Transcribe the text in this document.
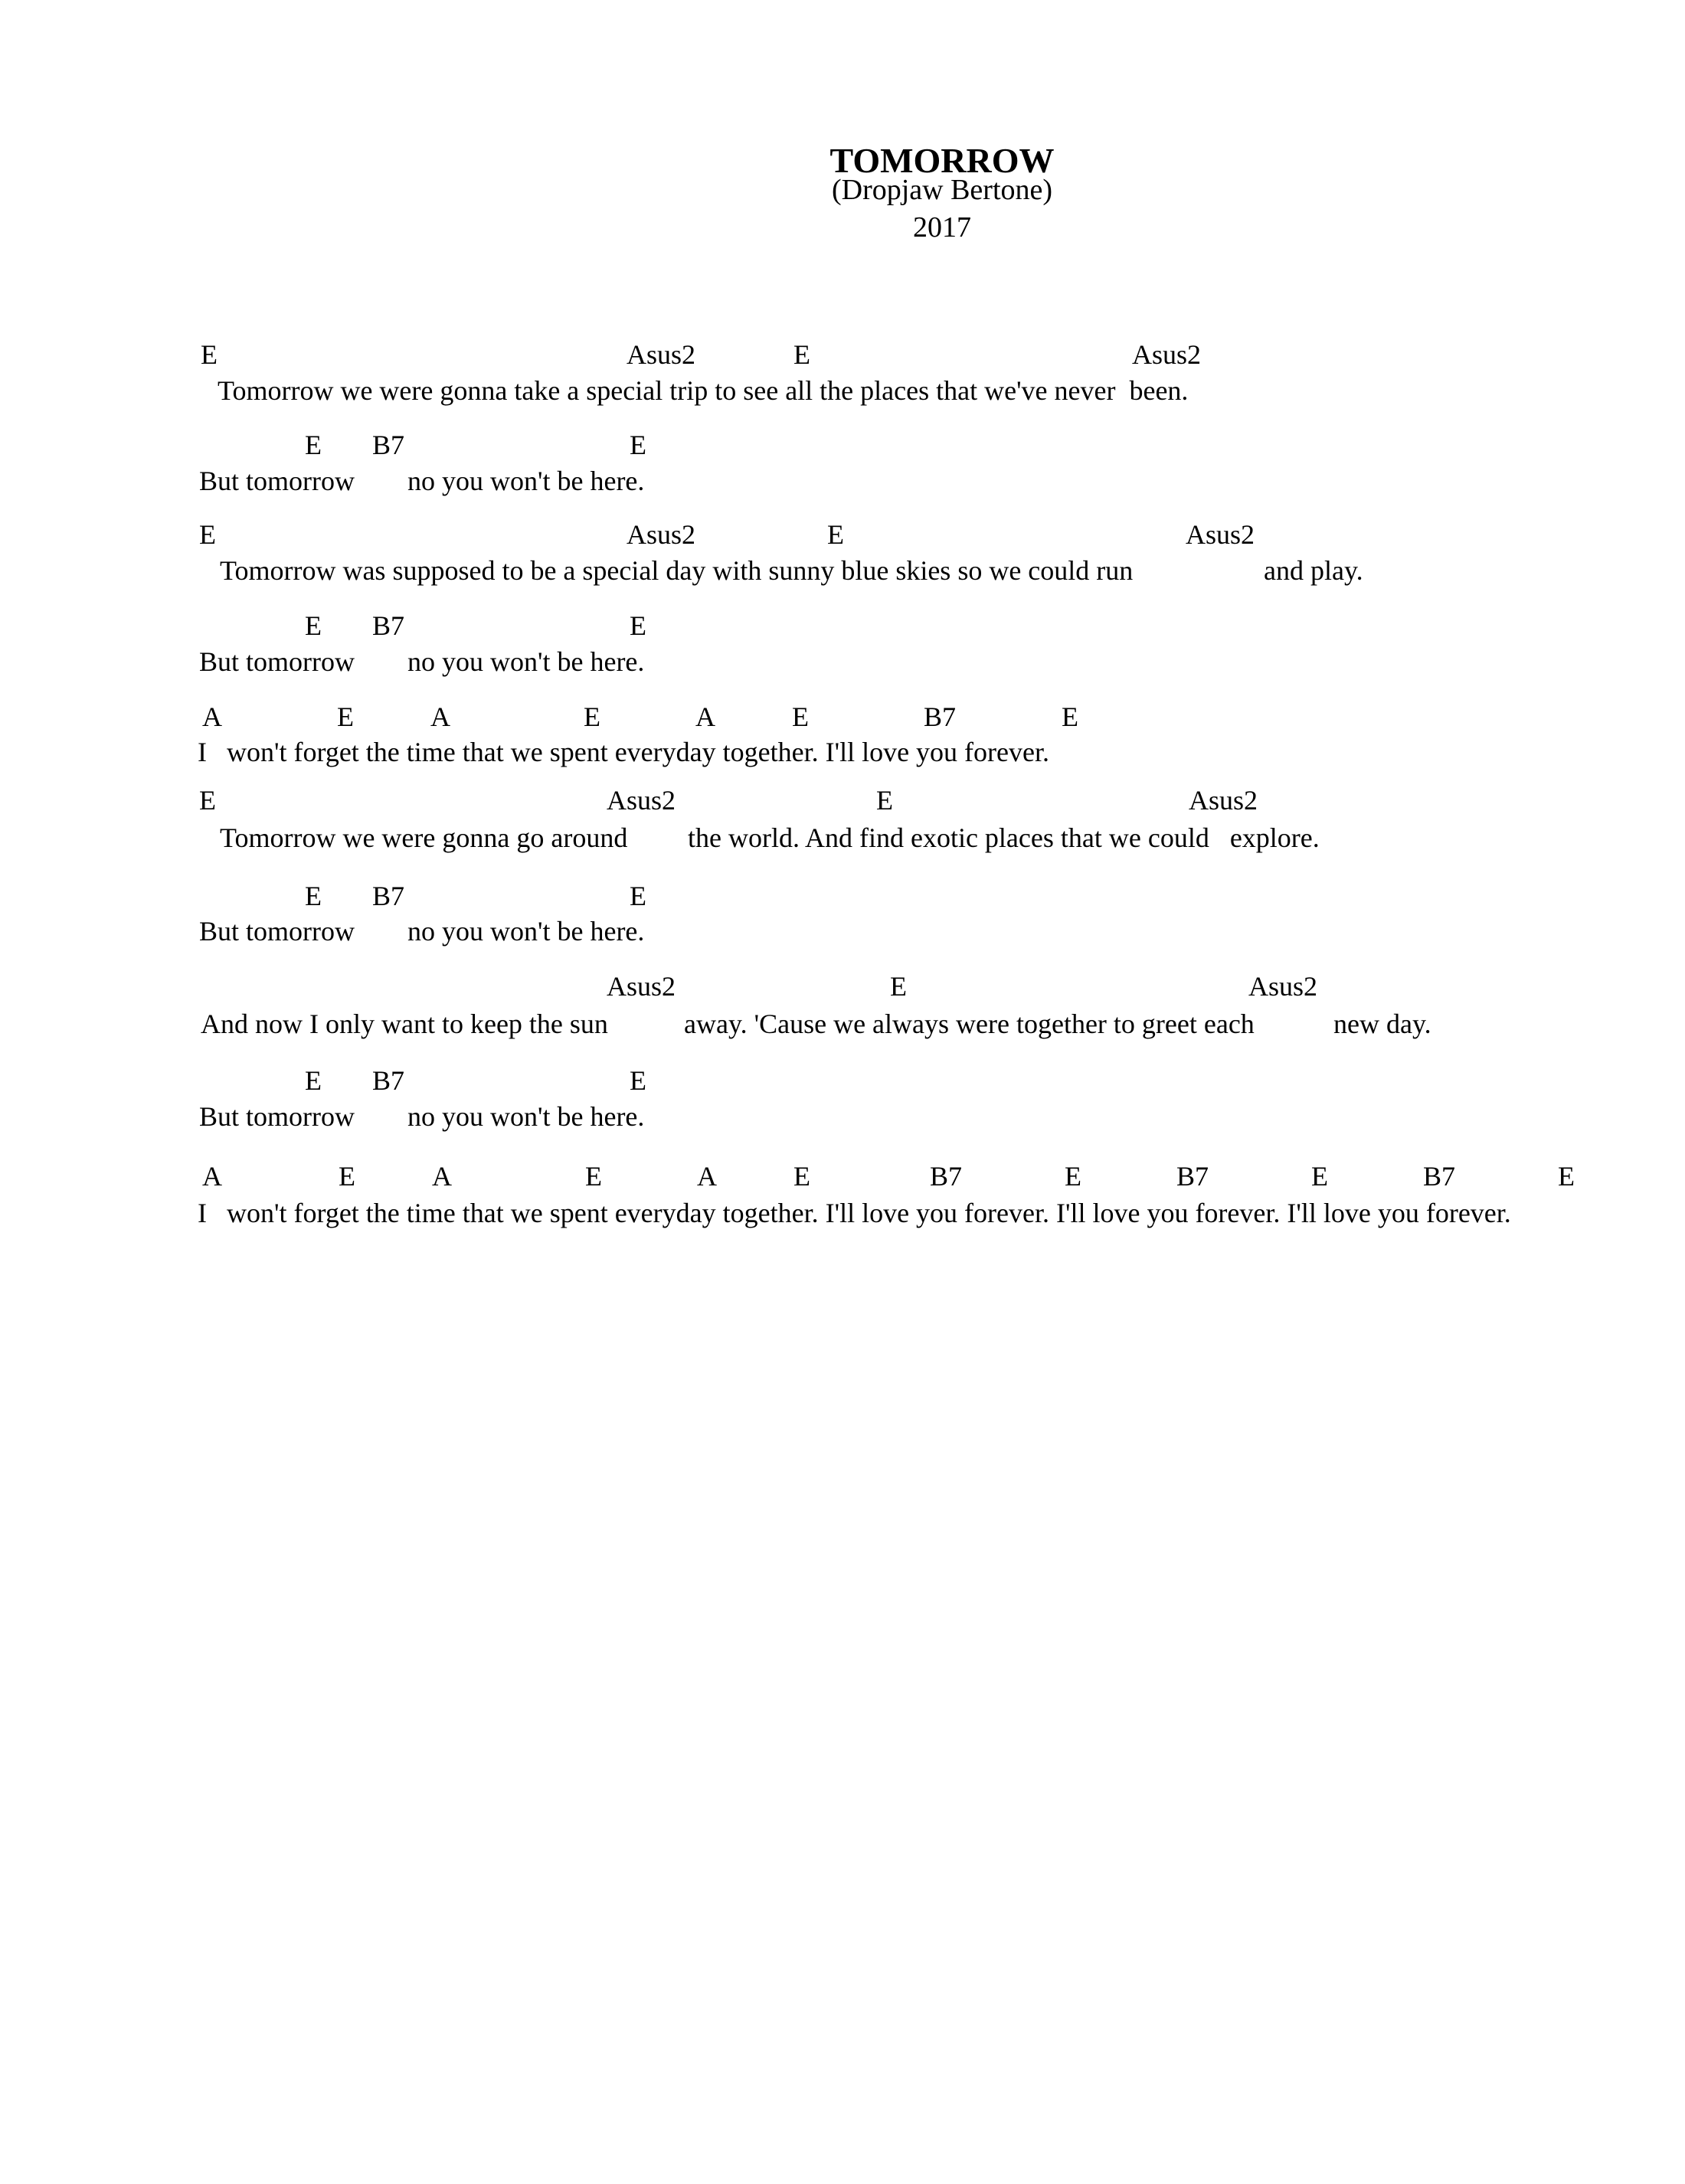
TOMORROW
(Dropjaw Bertone)
2017
E	Asus2	E	Asus2
Tomorrow we were gonna take a special trip to see all the places that we've never  been.
E B7	E
But tomorrow no you won't be here.
E	Asus2	E	Asus2
Tomorrow was supposed to be a special day with sunny blue skies so we could run	and play.
E B7	E
But tomorrow no you won't be here.
A	E	A	E	A	E	B7	E
I won't forget the time that we spent everyday together. I'll love you forever.
E	Asus2	E	Asus2
Tomorrow we were gonna go around the world. And find exotic places that we could   explore.
E B7	E
But tomorrow no you won't be here.
Asus2	E	Asus2
And now I only want to keep the sun	away. 'Cause we always were together to greet each	new day.
E B7	E
But tomorrow no you won't be here.
A	E	A	E	A	E	B7	E	B7	E	B7	E
I won't forget the time that we spent everyday together. I'll love you forever. I'll love you forever. I'll love you forever.
